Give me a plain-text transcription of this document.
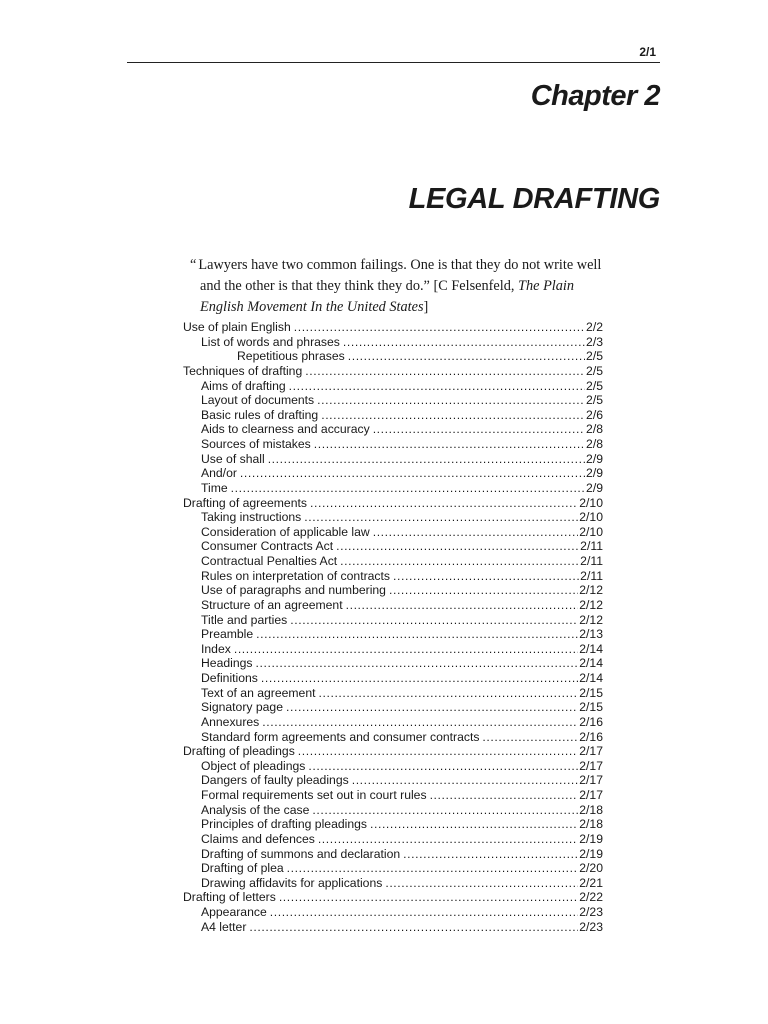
2/1
Chapter 2
LEGAL DRAFTING
“ Lawyers have two common failings. One is that they do not write well
and the other is that they think they do.” [C Felsenfeld, The Plain
English Movement In the United States]
Use of plain English .....	2/2
List of words and phrases .....	2/3
Repetitious phrases .....	2/5
Techniques of drafting .....	2/5
Aims of drafting .....	2/5
Layout of documents .....	2/5
Basic rules of drafting .....	2/6
Aids to clearness and accuracy .....	2/8
Sources of mistakes .....	2/8
Use of shall .....	2/9
And/or .....	2/9
Time .....	2/9
Drafting of agreements .....	2/10
Taking instructions .....	2/10
Consideration of applicable law .....	2/10
Consumer Contracts Act .....	2/11
Contractual Penalties Act .....	2/11
Rules on interpretation of contracts .....	2/11
Use of paragraphs and numbering .....	2/12
Structure of an agreement .....	2/12
Title and parties .....	2/12
Preamble .....	2/13
Index .....	2/14
Headings .....	2/14
Definitions .....	2/14
Text of an agreement .....	2/15
Signatory page .....	2/15
Annexures .....	2/16
Standard form agreements and consumer contracts .....	2/16
Drafting of pleadings .....	2/17
Object of pleadings .....	2/17
Dangers of faulty pleadings .....	2/17
Formal requirements set out in court rules .....	2/17
Analysis of the case .....	2/18
Principles of drafting pleadings .....	2/18
Claims and defences .....	2/19
Drafting of summons and declaration .....	2/19
Drafting of plea .....	2/20
Drawing affidavits for applications .....	2/21
Drafting of letters .....	2/22
Appearance .....	2/23
A4 letter .....	2/23
